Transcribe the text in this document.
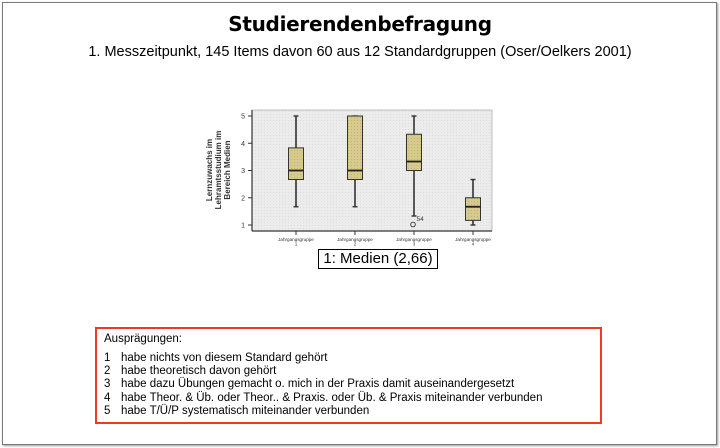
Studierendenbefragung
1. Messzeitpunkt, 145 Items davon 60 aus 12 Standardgruppen (Oser/Oelkers 2001)
1
2
3
4
5
Jahrgangsgruppe
1
Jahrgangsgruppe
2
Jahrgangsgruppe
3
Jahrgangsgruppe
4
54
Lernzuwachs im Lehramtsstudium im Bereich Medien
1: Medien (2,66)
Ausprägungen:
1 habe nichts von diesem Standard gehört
2 habe theoretisch davon gehört
3 habe dazu Übungen gemacht o. mich in der Praxis damit auseinandergesetzt
4 habe Theor. & Üb. oder Theor.. & Praxis. oder Üb. & Praxis miteinander verbunden
5 habe T/Ü/P systematisch miteinander verbunden
